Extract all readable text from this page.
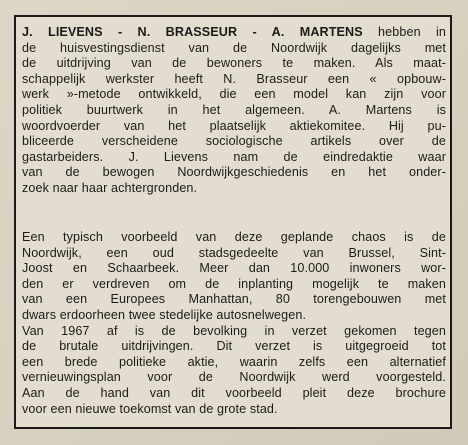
J. LIEVENS - N. BRASSEUR - A. MARTENS hebben in
de huisvestingsdienst van de Noordwijk dagelijks met
de uitdrijving van de bewoners te maken. Als maat-
schappelijk werkster heeft N. Brasseur een « opbouw-
werk »-metode ontwikkeld, die een model kan zijn voor
politiek buurtwerk in het algemeen. A. Martens is
woordvoerder van het plaatselijk aktiekomitee. Hij pu-
bliceerde verscheidene sociologische artikels over de
gastarbeiders. J. Lievens nam de eindredaktie waar
van de bewogen Noordwijkgeschiedenis en het onder-
zoek naar haar achtergronden.

Een typisch voorbeeld van deze geplande chaos is de
Noordwijk, een oud stadsgedeelte van Brussel, Sint-
Joost en Schaarbeek. Meer dan 10.000 inwoners wor-
den er verdreven om de inplanting mogelijk te maken
van een Europees Manhattan, 80 torengebouwen met
dwars erdoorheen twee stedelijke autosnelwegen.
Van 1967 af is de bevolking in verzet gekomen tegen
de brutale uitdrijvingen. Dit verzet is uitgegroeid tot
een brede politieke aktie, waarin zelfs een alternatief
vernieuwingsplan voor de Noordwijk werd voorgesteld.
Aan de hand van dit voorbeeld pleit deze brochure
voor een nieuwe toekomst van de grote stad.
